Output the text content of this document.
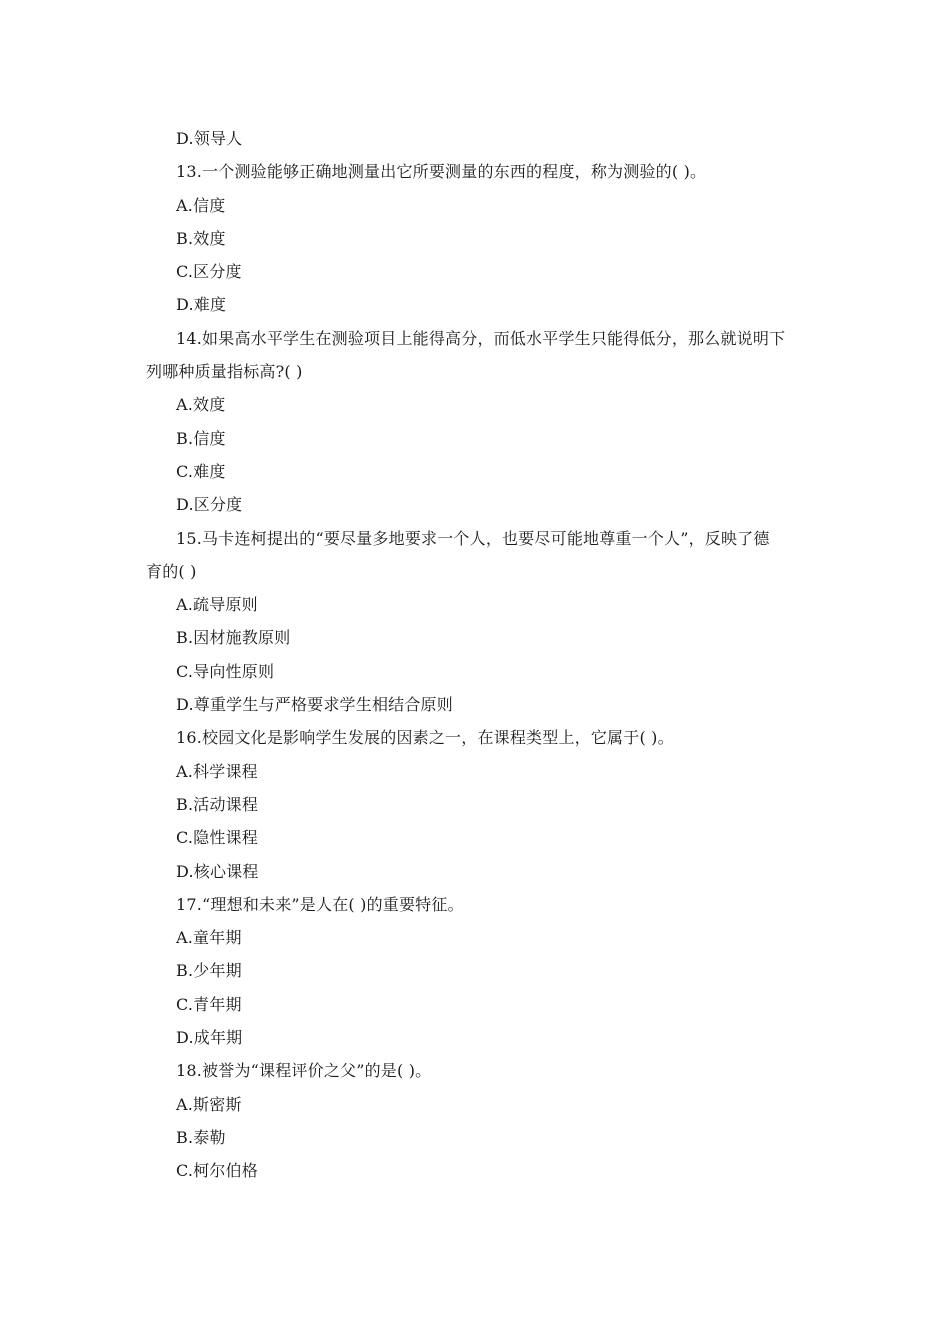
D.领导人
13.一个测验能够正确地测量出它所要测量的东西的程度，称为测验的( )。
A.信度
B.效度
C.区分度
D.难度
14.如果高水平学生在测验项目上能得高分，而低水平学生只能得低分，那么就说明下
列哪种质量指标高?( )
A.效度
B.信度
C.难度
D.区分度
15.马卡连柯提出的“要尽量多地要求一个人，也要尽可能地尊重一个人”，反映了德
育的( )
A.疏导原则
B.因材施教原则
C.导向性原则
D.尊重学生与严格要求学生相结合原则
16.校园文化是影响学生发展的因素之一，在课程类型上，它属于( )。
A.科学课程
B.活动课程
C.隐性课程
D.核心课程
17.“理想和未来”是人在( )的重要特征。
A.童年期
B.少年期
C.青年期
D.成年期
18.被誉为“课程评价之父”的是( )。
A.斯密斯
B.泰勒
C.柯尔伯格
